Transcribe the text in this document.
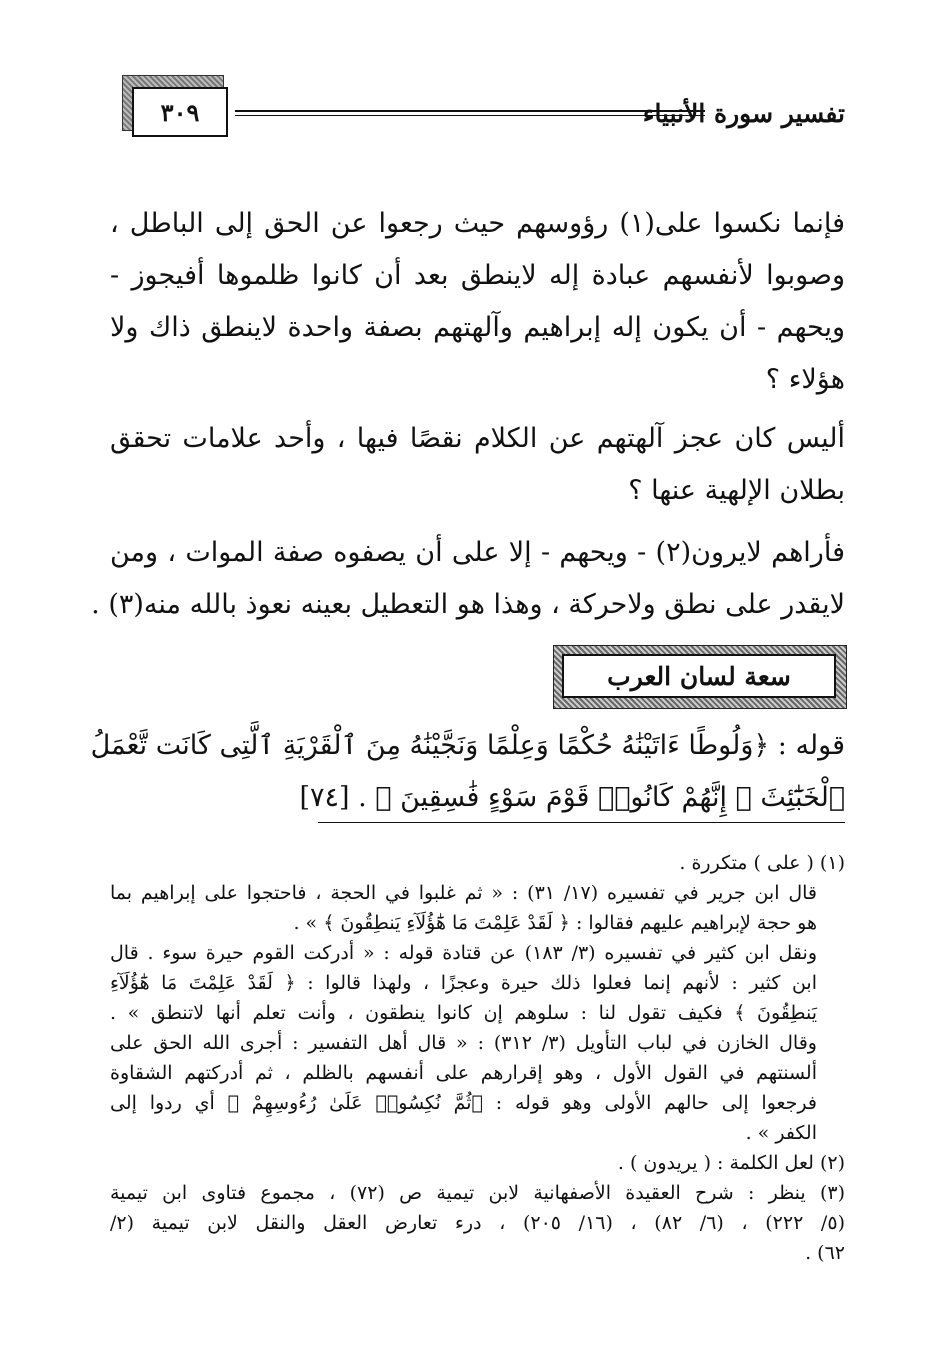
٣٠٩	تفسير سورة الأنبياء
فإنما نكسوا على(١) رؤوسهم حيث رجعوا عن الحق إلى الباطل ،
وصوبوا لأنفسهم عبادة إله لاينطق بعد أن كانوا ظلموها أفيجوز -
ويحهم - أن يكون إله إبراهيم وآلهتهم بصفة واحدة لاينطق ذاك ولا
هؤلاء ؟
أليس كان عجز آلهتهم عن الكلام نقصًا فيها ، وأحد علامات تحقق
بطلان الإلهية عنها ؟
فأراهم لايرون(٢) - ويحهم - إلا على أن يصفوه صفة الموات ، ومن
لايقدر على نطق ولاحركة ، وهذا هو التعطيل بعينه نعوذ بالله منه(٣) .
سعة لسان العرب
قوله : ﴿وَلُوطًا ءَاتَيْنَٰهُ حُكْمًا وَعِلْمًا وَنَجَّيْنَٰهُ مِنَ ٱلْقَرْيَةِ ٱلَّتِى كَانَت تَّعْمَلُ
ٱلْخَبَٰٓئِثَ ۗ إِنَّهُمْ كَانُوا۟ قَوْمَ سَوْءٍ فَٰسِقِينَ ﴾ . [٧٤]
(١) ( على ) متكررة .
قال ابن جرير في تفسيره (١٧/ ٣١) : « ثم غلبوا في الحجة ، فاحتجوا على إبراهيم بما
هو حجة لإبراهيم عليهم فقالوا : ﴿ لَقَدْ عَلِمْتَ مَا هَٰٓؤُلَآءِ يَنطِقُونَ ﴾ » .
ونقل ابن كثير في تفسيره (٣/ ١٨٣) عن قتادة قوله : « أدركت القوم حيرة سوء . قال
ابن كثير : لأنهم إنما فعلوا ذلك حيرة وعجزًا ، ولهذا قالوا : ﴿ لَقَدْ عَلِمْتَ مَا هَٰٓؤُلَآءِ
يَنطِقُونَ ﴾ فكيف تقول لنا : سلوهم إن كانوا ينطقون ، وأنت تعلم أنها لاتنطق » .
وقال الخازن في لباب التأويل (٣/ ٣١٢) : « قال أهل التفسير : أجرى الله الحق على
ألسنتهم في القول الأول ، وهو إقرارهم على أنفسهم بالظلم ، ثم أدركتهم الشقاوة
فرجعوا إلى حالهم الأولى وهو قوله : ﴿ثُمَّ نُكِسُوا۟ عَلَىٰ رُءُوسِهِمْ ﴾ أي ردوا إلى
الكفر » .
(٢) لعل الكلمة : ( يريدون ) .
(٣) ينظر : شرح العقيدة الأصفهانية لابن تيمية ص (٧٢) ، مجموع فتاوى ابن تيمية
(٥/ ٢٢٢) ، (٦/ ٨٢) ، (١٦/ ٢٠٥) ، درء تعارض العقل والنقل لابن تيمية (٢/
٦٢) .
